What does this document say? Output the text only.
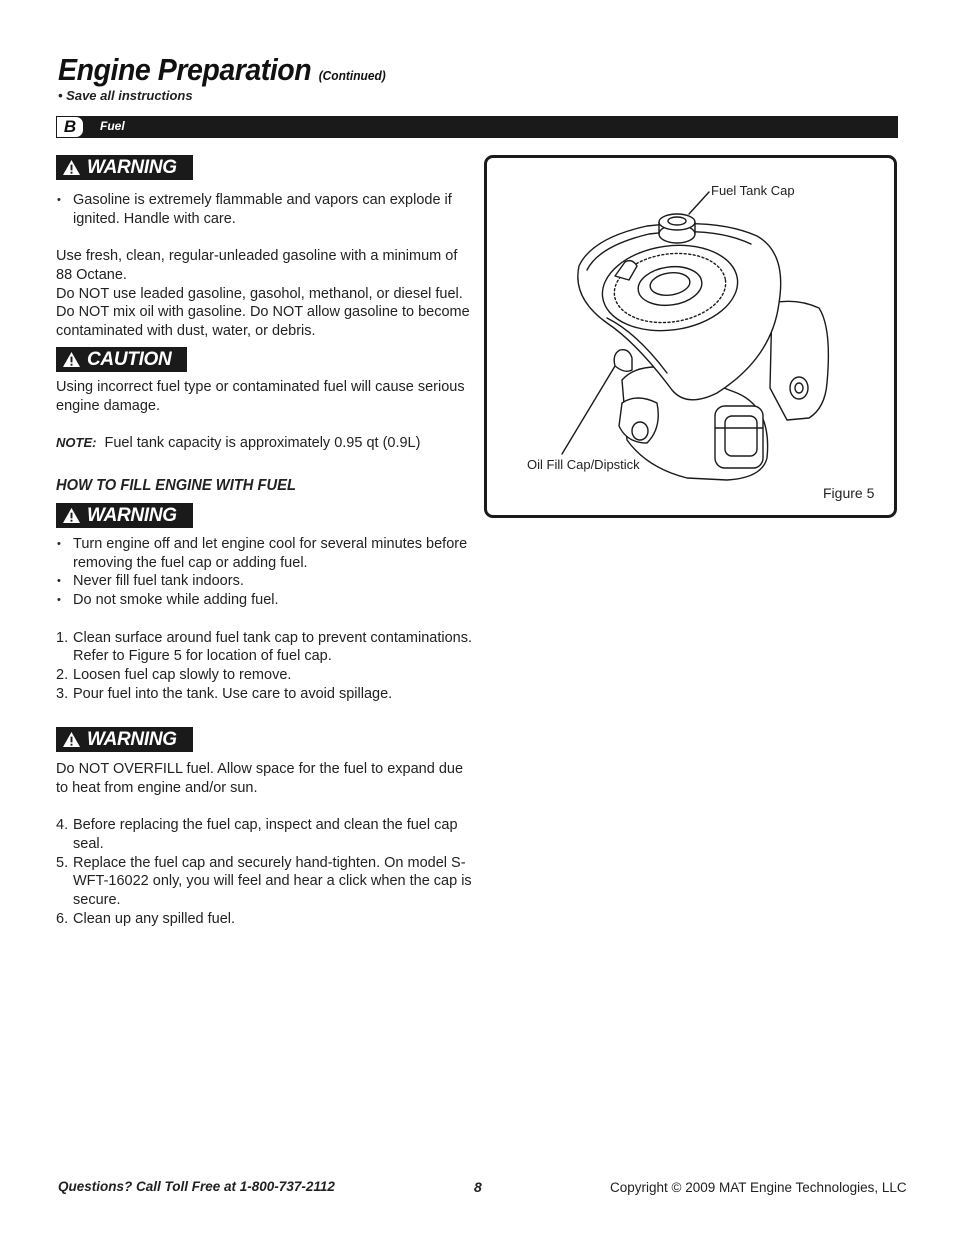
Engine Preparation (Continued)
• Save all instructions
B	Fuel
WARNING
• Gasoline is extremely flammable and vapors can explode if ignited. Handle with care.
Use fresh, clean, regular-unleaded gasoline with a minimum of 88 Octane.
Do NOT use leaded gasoline, gasohol, methanol, or diesel fuel. Do NOT mix oil with gasoline. Do NOT allow gasoline to become contaminated with dust, water, or debris.
CAUTION
Using incorrect fuel type or contaminated fuel will cause serious engine damage.
NOTE: Fuel tank capacity is approximately 0.95 qt (0.9L)
HOW TO FILL ENGINE WITH FUEL
WARNING
• Turn engine off and let engine cool for several minutes before removing the fuel cap or adding fuel.
• Never fill fuel tank indoors.
• Do not smoke while adding fuel.
1. Clean surface around fuel tank cap to prevent contaminations. Refer to Figure 5 for location of fuel cap.
2. Loosen fuel cap slowly to remove.
3. Pour fuel into the tank. Use care to avoid spillage.
WARNING
Do NOT OVERFILL fuel. Allow space for the fuel to expand due to heat from engine and/or sun.
4. Before replacing the fuel cap, inspect and clean the fuel cap seal.
5. Replace the fuel cap and securely hand-tighten. On model S-WFT-16022 only, you will feel and hear a click when the cap is secure.
6. Clean up any spilled fuel.
Fuel Tank Cap
Oil Fill Cap/Dipstick
Figure 5
Questions? Call Toll Free at 1-800-737-2112	8	Copyright © 2009 MAT Engine Technologies, LLC
